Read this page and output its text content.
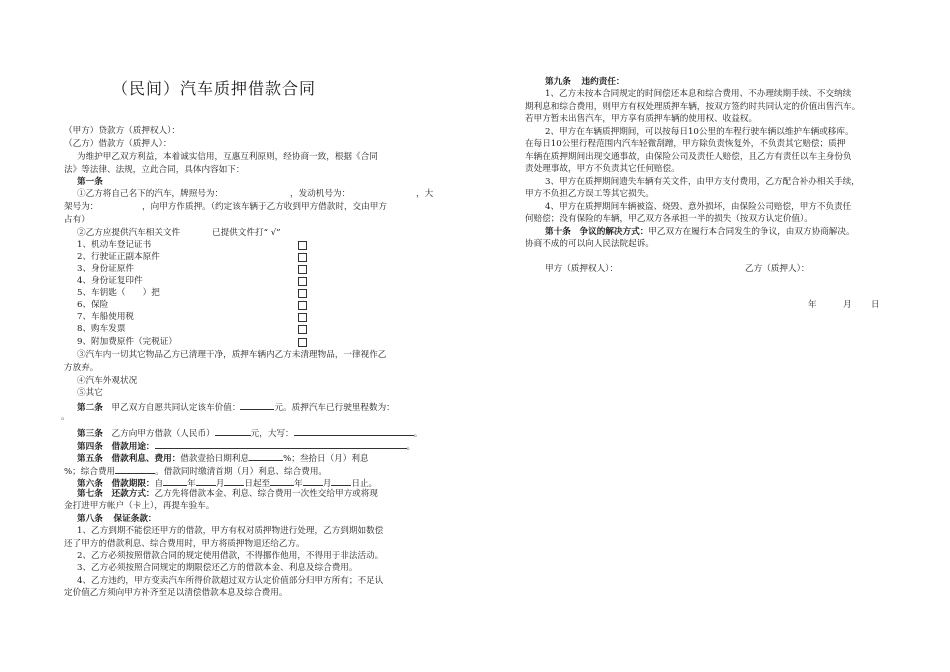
（民间）汽车质押借款合同
（甲方）贷款方（质押权人）：
（乙方）借款方（质押人）：
为维护甲乙双方利益，本着诚实信用，互惠互利原则，经协商一致，根据《合同
法》等法律、法规，立此合同，具体内容如下：
第一条
①乙方将自己名下的汽车，牌照号为：	，发动机号为：	，大
架号为：	，向甲方作质押。（约定该车辆于乙方收到甲方借款时，交由甲方
占有）
②乙方应提供汽车相关文件	已提供文件打“ √”
1、机动车登记证书
2、行驶证正副本原件
3、身份证原件
4、身份证复印件
5、车钥匙（　　）把
6、保险
7、车船使用税
8、购车发票
9、附加费原件（完税证）
③汽车内一切其它物品乙方已清理干净，质押车辆内乙方未清理物品，一律视作乙
方放弃。
④汽车外观状况
⑤其它
第二条 甲乙双方自愿共同认定该车价值：	元。质押汽车已行驶里程数为：
。
第三条 乙方向甲方借款（人民币）	元，大写：	。
第四条 借款用途：	。
第五条 借款利息、费用：借款壹拾日期利息	%；叁拾日（月）利息
%；综合费用	。借款同时缴清首期（月）利息、综合费用。
第六条 借款期限：自	年 月 日起至	年 月 日止。
第七条 还款方式：乙方先将借款本金、利息、综合费用一次性交给甲方或将现
金打进甲方帐户（卡上），再提车验车。
第八条 保证条款：
1、乙方到期不能偿还甲方的借款，甲方有权对质押物进行处理，乙方到期如数偿
还了甲方的借款利息、综合费用时，甲方将质押物退还给乙方。
2、乙方必须按照借款合同的规定使用借款，不得挪作他用，不得用于非法活动。
3、乙方必须按照合同规定的期限偿还乙方的借款本金、利息及综合费用。
4、乙方违约，甲方变卖汽车所得价款超过双方认定价值部分归甲方所有；不足认
定价值乙方须向甲方补齐至足以清偿借款本息及综合费用。
第九条 违约责任：
1、乙方未按本合同规定的时间偿还本息和综合费用、不办理续期手续、不交纳续
期利息和综合费用，则甲方有权处理质押车辆，按双方签约时共同认定的价值出售汽车。
若甲方暂未出售汽车，甲方享有质押车辆的使用权、收益权。
2、甲方在车辆质押期间，可以按每日10公里的车程行驶车辆以维护车辆或移库。
在每日10公里行程范围内汽车轻微刮蹭，甲方除负责恢复外，不负责其它赔偿；质押
车辆在质押期间出现交通事故，由保险公司及责任人赔偿，且乙方有责任以车主身份负
责处理事故，甲方不负责其它任何赔偿。
3、甲方在质押期间遗失车辆有关文件，由甲方支付费用，乙方配合补办相关手续，
甲方不负担乙方误工等其它损失。
4、甲方在质押期间车辆被盗、烧毁、意外损坏，由保险公司赔偿，甲方不负责任
何赔偿；没有保险的车辆，甲乙双方各承担一半的损失（按双方认定价值）。
第十条 争议的解决方式：甲乙双方在履行本合同发生的争议，由双方协商解决。
协商不成的可以向人民法院起诉。
甲方（质押权人）：	乙方（质押人）：
年	月 日
